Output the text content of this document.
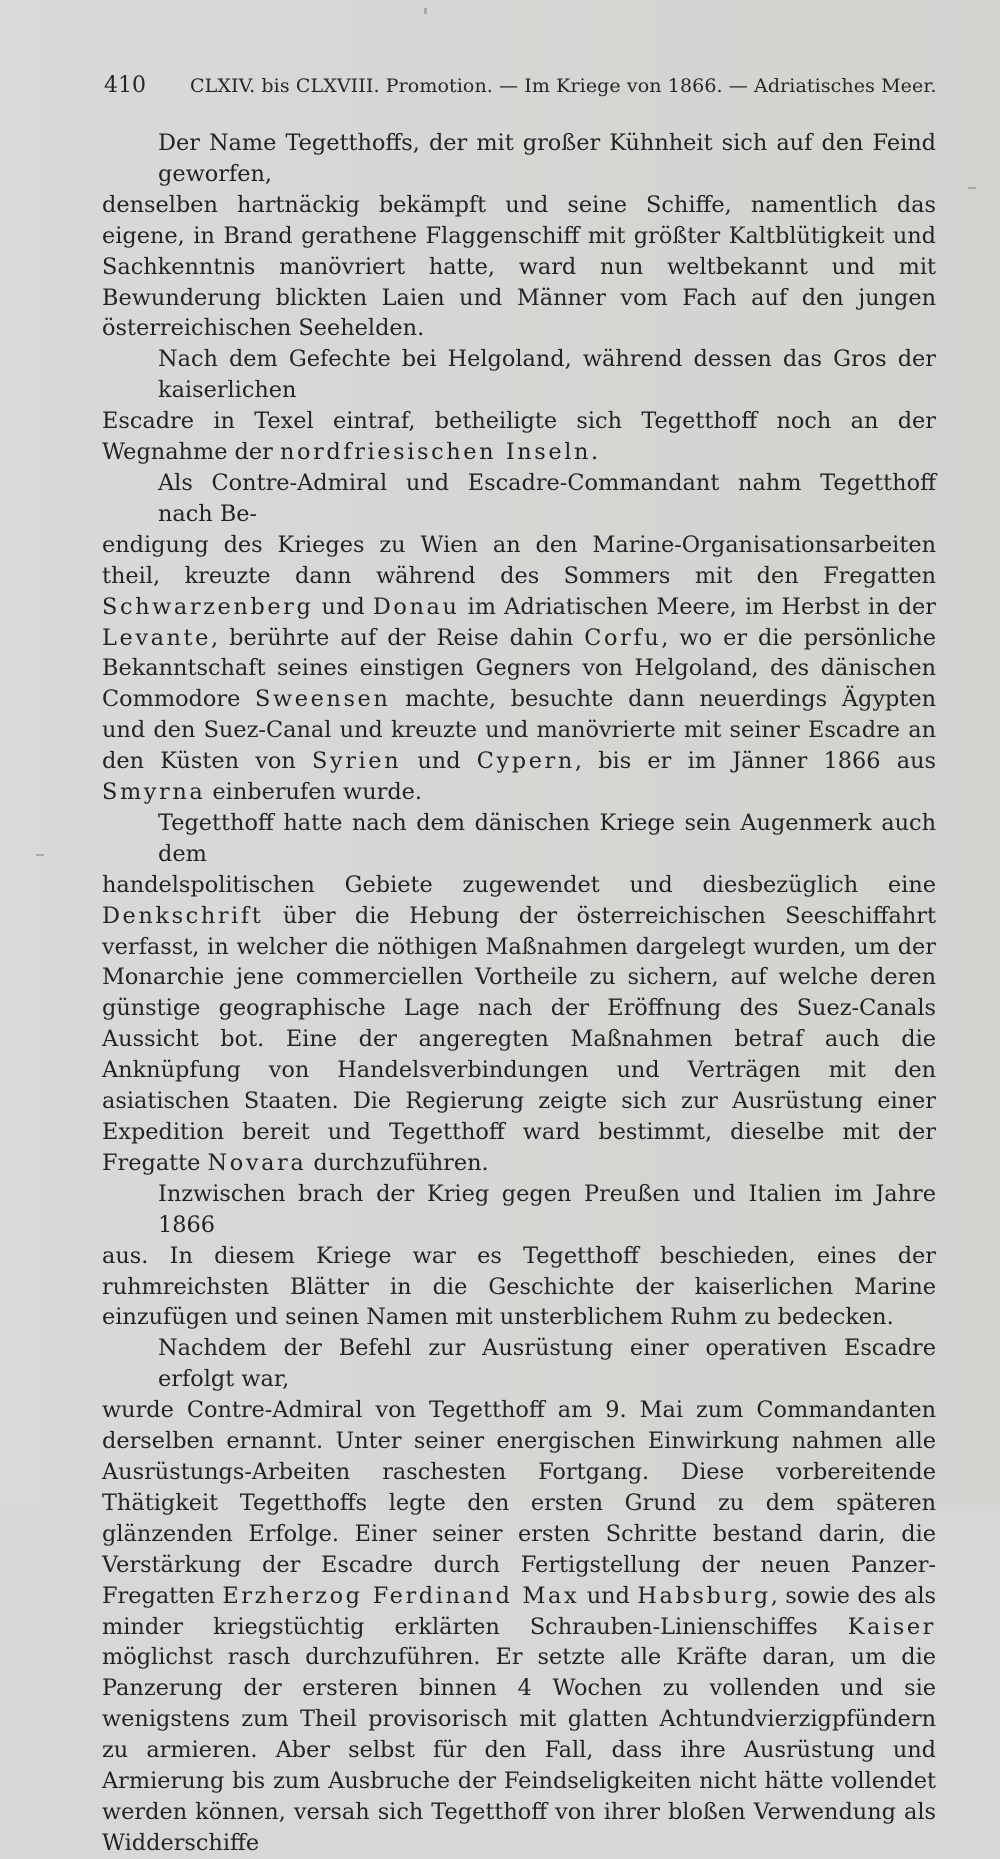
410 CLXIV. bis CLXVIII. Promotion. — Im Kriege von 1866. — Adriatisches Meer.

Der Name Tegetthoffs, der mit großer Kühnheit sich auf den Feind geworfen,
denselben hartnäckig bekämpft und seine Schiffe, namentlich das eigene, in Brand gerathene Flaggenschiff mit größter Kaltblütigkeit und Sachkenntnis manövriert hatte, ward nun weltbekannt und mit Bewunderung blickten Laien und Männer vom Fach auf den jungen österreichischen Seehelden.

Nach dem Gefechte bei Helgoland, während dessen das Gros der kaiserlichen
Escadre in Texel eintraf, betheiligte sich Tegetthoff noch an der Wegnahme der nordfriesischen Inseln.

Als Contre-Admiral und Escadre-Commandant nahm Tegetthoff nach Be-
endigung des Krieges zu Wien an den Marine-Organisationsarbeiten theil, kreuzte dann während des Sommers mit den Fregatten Schwarzenberg und Donau im Adriatischen Meere, im Herbst in der Levante, berührte auf der Reise dahin Corfu, wo er die persönliche Bekanntschaft seines einstigen Gegners von Helgoland, des dänischen Commodore Sweensen machte, besuchte dann neuerdings Ägypten und den Suez-Canal und kreuzte und manövrierte mit seiner Escadre an den Küsten von Syrien und Cypern, bis er im Jänner 1866 aus Smyrna einberufen wurde.

Tegetthoff hatte nach dem dänischen Kriege sein Augenmerk auch dem
handelspolitischen Gebiete zugewendet und diesbezüglich eine Denkschrift über die Hebung der österreichischen Seeschiffahrt verfasst, in welcher die nöthigen Maßnahmen dargelegt wurden, um der Monarchie jene commerciellen Vortheile zu sichern, auf welche deren günstige geographische Lage nach der Eröffnung des Suez-Canals Aussicht bot. Eine der angeregten Maßnahmen betraf auch die Anknüpfung von Handelsverbindungen und Verträgen mit den asiatischen Staaten. Die Regierung zeigte sich zur Ausrüstung einer Expedition bereit und Tegetthoff ward bestimmt, dieselbe mit der Fregatte Novara durchzuführen.

Inzwischen brach der Krieg gegen Preußen und Italien im Jahre 1866
aus. In diesem Kriege war es Tegetthoff beschieden, eines der ruhmreichsten Blätter in die Geschichte der kaiserlichen Marine einzufügen und seinen Namen mit unsterblichem Ruhm zu bedecken.

Nachdem der Befehl zur Ausrüstung einer operativen Escadre erfolgt war,
wurde Contre-Admiral von Tegetthoff am 9. Mai zum Commandanten derselben ernannt. Unter seiner energischen Einwirkung nahmen alle Ausrüstungs-Arbeiten raschesten Fortgang. Diese vorbereitende Thätigkeit Tegetthoffs legte den ersten Grund zu dem späteren glänzenden Erfolge. Einer seiner ersten Schritte bestand darin, die Verstärkung der Escadre durch Fertigstellung der neuen Panzer-Fregatten Erzherzog Ferdinand Max und Habsburg, sowie des als minder kriegstüchtig erklärten Schrauben-Linienschiffes Kaiser möglichst rasch durchzuführen. Er setzte alle Kräfte daran, um die Panzerung der ersteren binnen 4 Wochen zu vollenden und sie wenigstens zum Theil provisorisch mit glatten Achtundvierzigpfündern zu armieren. Aber selbst für den Fall, dass ihre Ausrüstung und Armierung bis zum Ausbruche der Feindseligkeiten nicht hätte vollendet werden können, versah sich Tegetthoff von ihrer bloßen Verwendung als Widderschiffe
